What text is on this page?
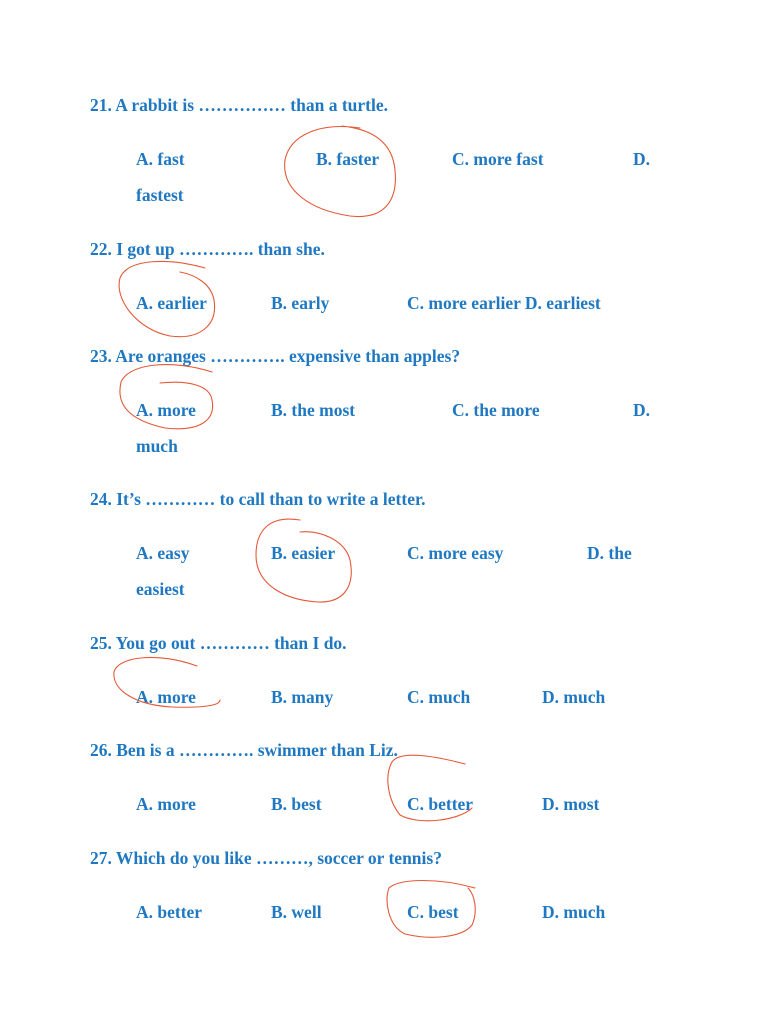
21. A rabbit is …………… than a turtle.
A. fast	B. faster	C. more fast	D.
fastest
22. I got up …………. than she.
A. earlier	B. early	C. more earlier D. earliest
23. Are oranges …………. expensive than apples?
A. more	B. the most	C. the more	D.
much
24. It’s ………… to call than to write a letter.
A. easy	B. easier	C. more easy	D. the
easiest
25. You go out ………… than I do.
A. more	B. many	C. much	D. much
26. Ben is a …………. swimmer than Liz.
A. more	B. best	C. better	D. most
27. Which do you like ………, soccer or tennis?
A. better	B. well	C. best	D. much
